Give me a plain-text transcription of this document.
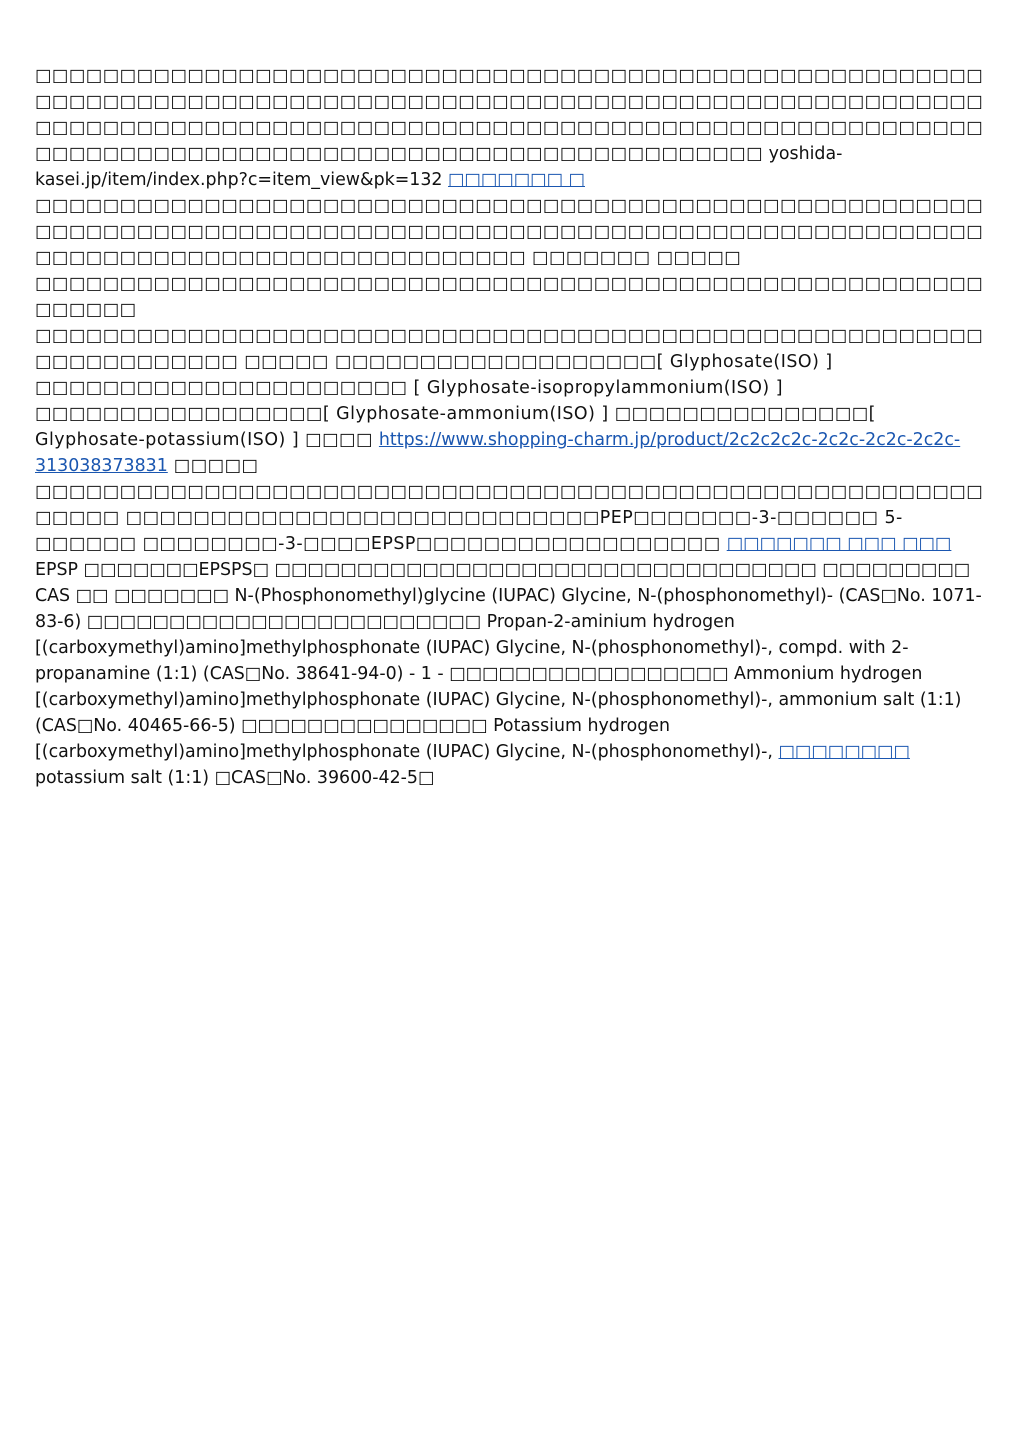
□□□□□□□□□□□□□□□□□□□□□□□□□□□□□□□□□□□□□□□□□□□□□□□□□□□□□□□□□□□□□□□□□□□□□□□□□□□□□□□□□□□□□□□□□□□□□□□□□□□□□□□□□□□□□□□□□□□□□□□□□□□□□□□□□□□□□□□□□□□□□□□□□□□□□□□□□□□□□□□□□□□□□□□□□□□□□□□□□□□□□□□□□□□□□□□□□□□□□□□□□□□□□□□□□□□ yoshida-kasei.jp/item/index.php?c=item_view&pk=132 □□□□□□□ □ □□□□□□□□□□□□□□□□□□□□□□□□□□□□□□□□□□□□□□□□□□□□□□□□□□□□□□□□□□□□□□□□□□□□□□□□□□□□□□□□□□□□□□□□□□□□□□□□□□□□□□□□□□□□□□□□□□□□□□□□□□□□□□□□□□□□□□□□□□□□□ □□□□□□□ □□□□□ □□□□□□□□□□□□□□□□□□□□□□□□□□□□□□□□□□□□□□□□□□□□□□□□□□□□□□□□□□□□□□ □□□□□□□□□□□□□□□□□□□□□□□□□□□□□□□□□□□□□□□□□□□□□□□□□□□□□□□□□□□□□□□□□□□□ □□□□□ □□□□□□□□□□□□□□□□□□□[ Glyphosate(ISO) ] □□□□□□□□□□□□□□□□□□□□□□ [ Glyphosate-isopropylammonium(ISO) ] □□□□□□□□□□□□□□□□□[ Glyphosate-ammonium(ISO) ] □□□□□□□□□□□□□□□[ Glyphosate-potassium(ISO) ] □□□□ https://www.shopping-charm.jp/product/2c2c2c2c-2c2c-2c2c-2c2c-313038373831 □□□□□ □□□□□□□□□□□□□□□□□□□□□□□□□□□□□□□□□□□□□□□□□□□□□□□□□□□□□□□□□□□□□ □□□□□□□□□□□□□□□□□□□□□□□□□□□□PEP□□□□□□□-3-□□□□□□ 5-□□□□□□ □□□□□□□□-3-□□□□EPSP□□□□□□□□□□□□□□□□□□ □□□□□□□ □□□ □□□ EPSP □□□□□□□EPSPS□ □□□□□□□□□□□□□□□□□□□□□□□□□□□□□□□□□ □□□□□□□□□ CAS □□ □□□□□□□ N-(Phosphonomethyl)glycine (IUPAC) Glycine, N-(phosphonomethyl)- (CAS□No. 1071-83-6) □□□□□□□□□□□□□□□□□□□□□□□□ Propan-2-aminium hydrogen [(carboxymethyl)amino]methylphosphonate (IUPAC) Glycine, N-(phosphonomethyl)-, compd. with 2-propanamine (1:1) (CAS□No. 38641-94-0) - 1 - □□□□□□□□□□□□□□□□□ Ammonium hydrogen [(carboxymethyl)amino]methylphosphonate (IUPAC) Glycine, N-(phosphonomethyl)-, ammonium salt (1:1) (CAS□No. 40465-66-5) □□□□□□□□□□□□□□□ Potassium hydrogen [(carboxymethyl)amino]methylphosphonate (IUPAC) Glycine, N-(phosphonomethyl)-, □□□□□□□□ potassium salt (1:1) □CAS□No. 39600-42-5□
